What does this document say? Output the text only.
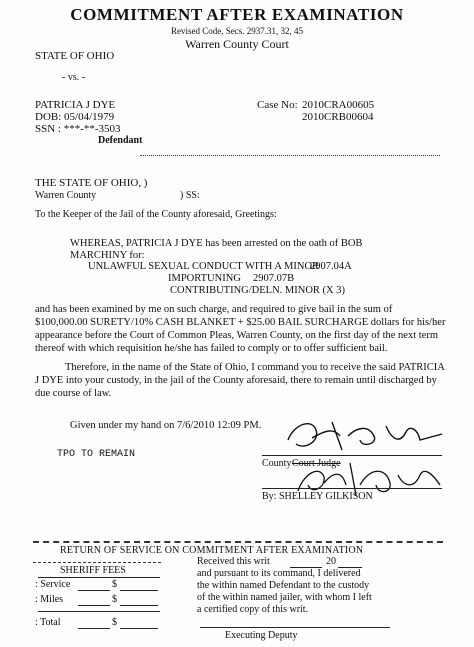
COMMITMENT AFTER EXAMINATION
Revised Code, Secs. 2937.31, 32, 45
Warren County Court
STATE OF OHIO
- vs. -
PATRICIA J DYE
DOB: 05/04/1979
SSN : ***-**-3503
Defendant
Case No: 2010CRA00605
2010CRB00604
THE STATE OF OHIO, )
Warren County	) SS:
To the Keeper of the Jail of the County aforesaid, Greetings:
WHEREAS, PATRICIA J DYE has been arrested on the oath of BOB
MARCHINY for:
UNLAWFUL SEXUAL CONDUCT WITH A MINOR
2907.04A
IMPORTUNING 2907.07B
CONTRIBUTING/DELN. MINOR (X 3)
and has been examined by me on such charge, and required to give bail in the sum of $100,000.00 SURETY/10% CASH BLANKET + $25.00 BAIL SURCHARGE dollars for his/her appearance before the Court of Common Pleas, Warren County, on the first day of the next term thereof with which requisition he/she has failed to comply or to offer sufficient bail.
Therefore, in the name of the State of Ohio, I command you to receive the said PATRICIA J DYE into your custody, in the jail of the County aforesaid, there to remain until discharged by due course of law.
Given under my hand on 7/6/2010 12:09 PM.
TPO TO REMAIN
County Court Judge
By: SHELLEY GILKISON
RETURN OF SERVICE ON COMMITMENT AFTER EXAMINATION
SHERIFF FEES
: Service	$
: Miles	$
: Total	$
Received this writ	20
and pursuant to its command, I delivered
the within named Defendant to the custody
of the within named jailer, with whom I left
a certified copy of this writ.
Executing Deputy
